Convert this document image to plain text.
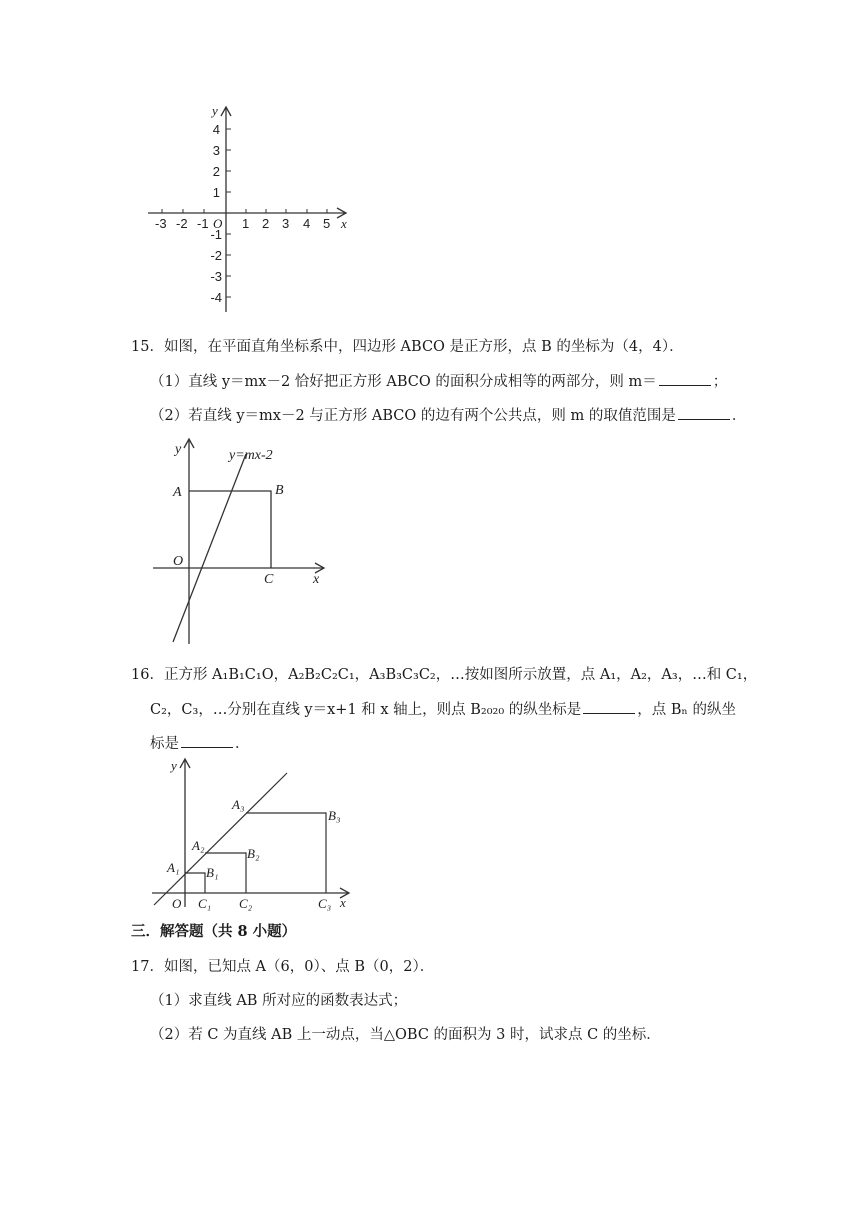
-3 -2 -1	1 2 3 4 5
O	x
y
4
3
2
1
-1
-2
-3
-4
15．如图，在平面直角坐标系中，四边形 ABCO 是正方形，点 B 的坐标为（4，4）．
（1）直线 y＝mx－2 恰好把正方形 ABCO 的面积分成相等的两部分，则 m＝	；
（2）若直线 y＝mx－2 与正方形 ABCO 的边有两个公共点，则 m 的取值范围是	．
y=mx-2
y
A	B
O
C	x
16．正方形 A₁B₁C₁O，A₂B₂C₂C₁，A₃B₃C₃C₂，…按如图所示放置，点 A₁，A₂，A₃，…和 C₁，
C₂，C₃，…分别在直线 y＝x+1 和 x 轴上，则点 B₂₀₂₀ 的纵坐标是	，点 Bₙ 的纵坐
标是	．
y
x
O
A₁
A₂
A₃
B₁
B₂
B₃
C₁ C₂	C₃
三．解答题（共 8 小题）
17．如图，已知点 A（6，0）、点 B（0，2）．
（1）求直线 AB 所对应的函数表达式；
（2）若 C 为直线 AB 上一动点，当△OBC 的面积为 3 时，试求点 C 的坐标．
